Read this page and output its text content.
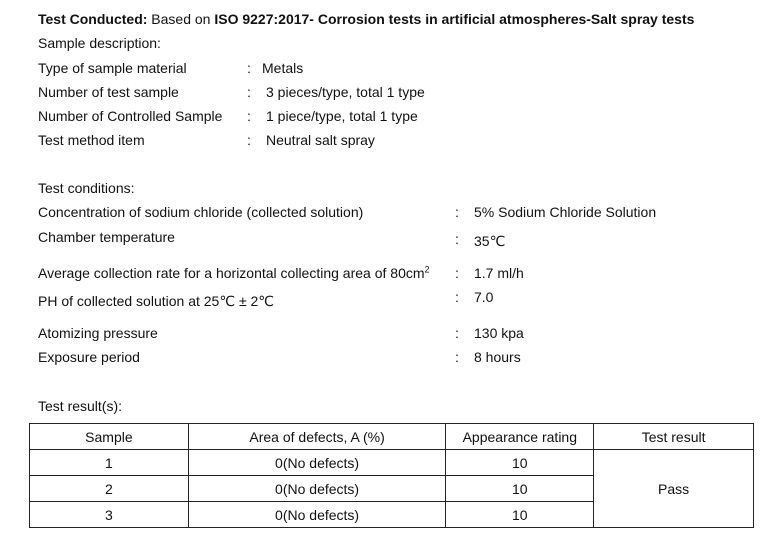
Test Conducted: Based on ISO 9227:2017- Corrosion tests in artificial atmospheres-Salt spray tests
Sample description:
Type of sample material	: Metals
Number of test sample	: 3 pieces/type, total 1 type
Number of Controlled Sample : 1 piece/type, total 1 type
Test method item	: Neutral salt spray
Test conditions:
Concentration of sodium chloride (collected solution)	: 5% Sodium Chloride Solution
Chamber temperature	: 35℃
Average collection rate for a horizontal collecting area of $80cm^2$ : 1.7 ml/h
PH of collected solution at 25℃ ± 2℃	: 7.0
Atomizing pressure	: 130 kpa
Exposure period	: 8 hours
Test result(s):
Sample	Area of defects, A (%)	Appearance rating	Test result
1	0(No defects)	10	Pass
2	0(No defects)	10	
3	0(No defects)	10	
